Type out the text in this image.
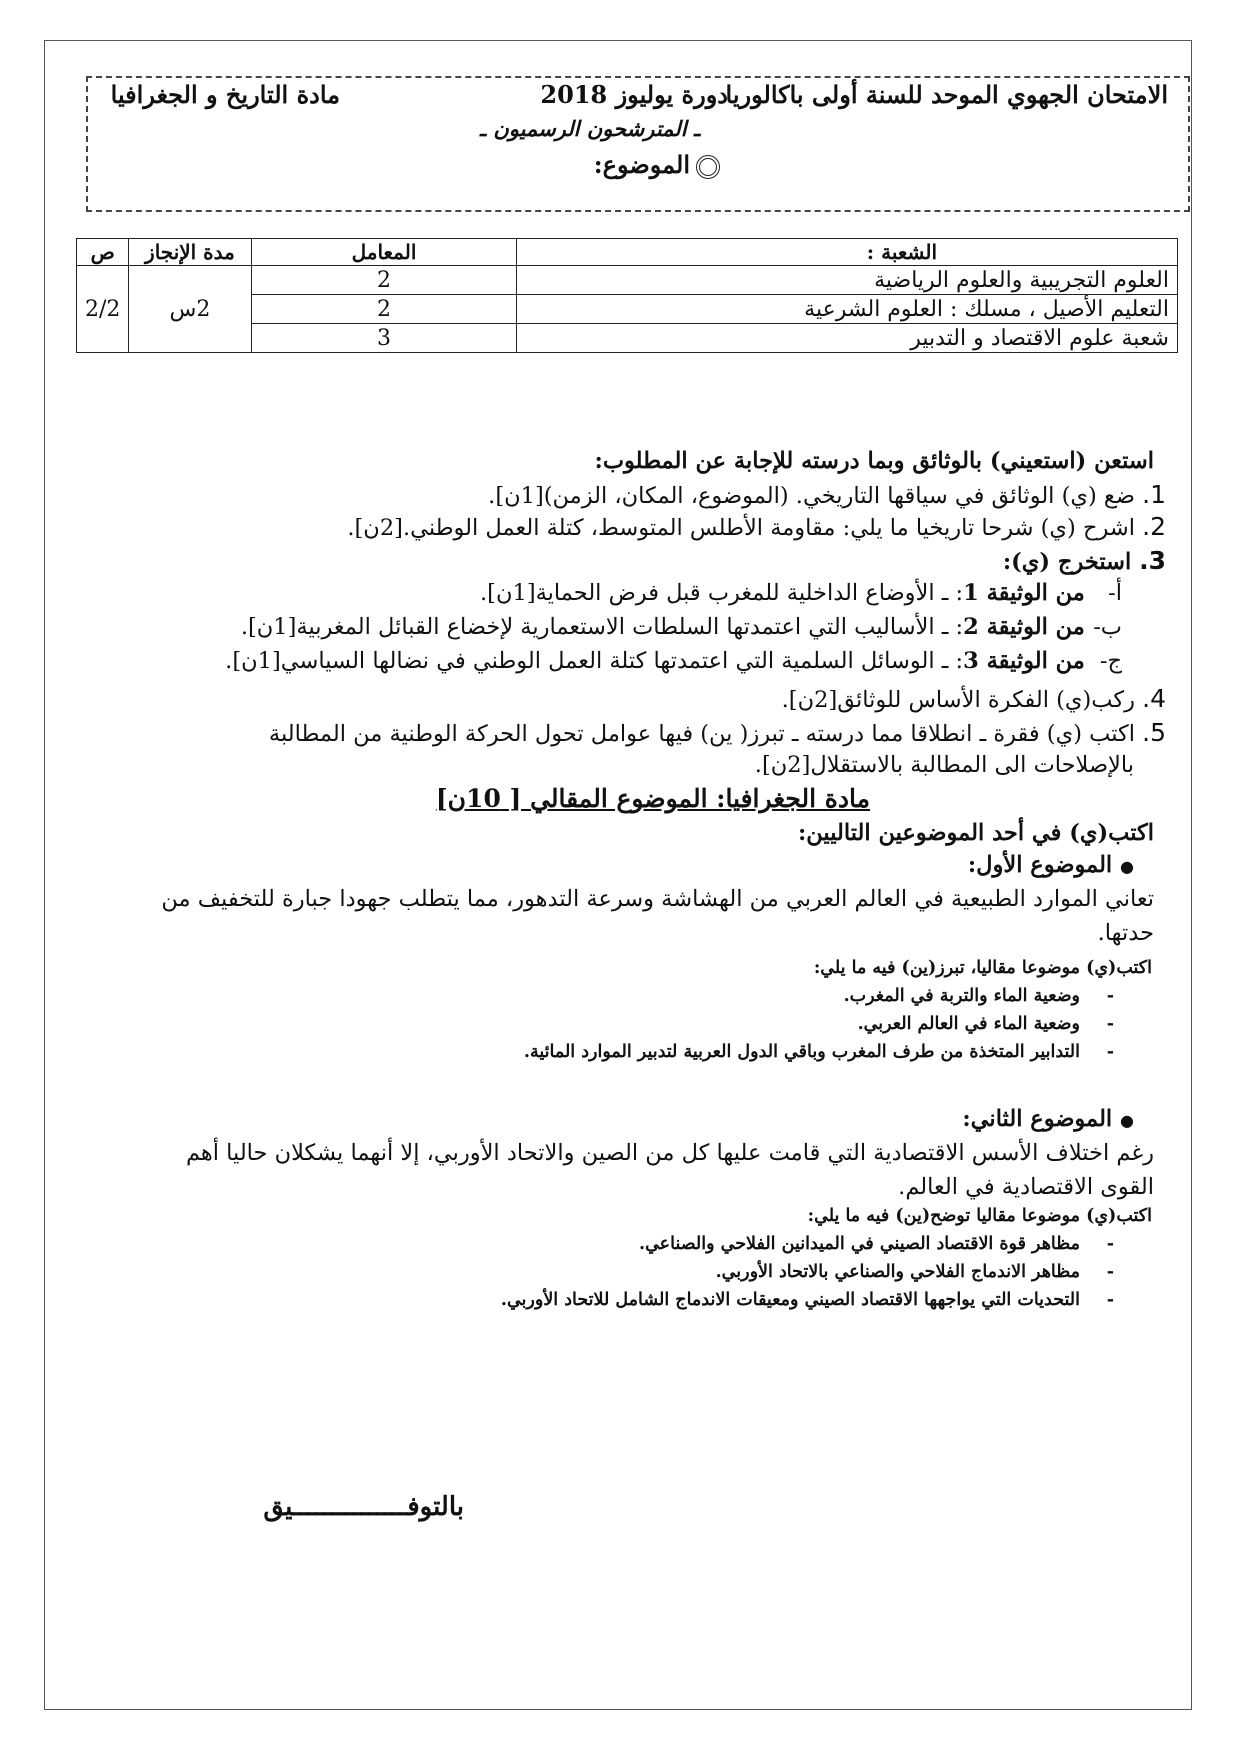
الامتحان الجهوي الموحد للسنة أولى باكالوريا
دورة يوليوز 2018
مادة التاريخ و الجغرافيا
ـ المترشحون الرسميون ـ
الموضوع:
الشعبة :	المعامل	مدة الإنجاز	ص
العلوم التجريبية والعلوم الرياضية	2	2س	2/2
التعليم الأصيل ، مسلك : العلوم الشرعية	2		
شعبة علوم الاقتصاد و التدبير	3		
استعن (استعيني) بالوثائق وبما درسته للإجابة عن المطلوب:
1. ضع (ي) الوثائق في سياقها التاريخي. (الموضوع، المكان، الزمن)[1ن].
2. اشرح (ي) شرحا تاريخيا ما يلي: مقاومة الأطلس المتوسط، كتلة العمل الوطني.[2ن].
3. استخرج (ي):
أ- من الوثيقة 1: ـ الأوضاع الداخلية للمغرب قبل فرض الحماية[1ن].
ب- من الوثيقة 2: ـ الأساليب التي اعتمدتها السلطات الاستعمارية لإخضاع القبائل المغربية[1ن].
ج- من الوثيقة 3: ـ الوسائل السلمية التي اعتمدتها كتلة العمل الوطني في نضالها السياسي[1ن].
4. ركب(ي) الفكرة الأساس للوثائق[2ن].
5. اكتب (ي) فقرة ـ انطلاقا مما درسته ـ تبرز( ين) فيها عوامل تحول الحركة الوطنية من المطالبة
بالإصلاحات الى المطالبة بالاستقلال[2ن].
مادة الجغرافيا: الموضوع المقالي [ 10ن]
اكتب(ي) في أحد الموضوعين التاليين:
● الموضوع الأول:
تعاني الموارد الطبيعية في العالم العربي من الهشاشة وسرعة التدهور، مما يتطلب جهودا جبارة للتخفيف من
حدتها.
اكتب(ي) موضوعا مقاليا، تبرز(ين) فيه ما يلي:
-وضعية الماء والتربة في المغرب.
-وضعية الماء في العالم العربي.
-التدابير المتخذة من طرف المغرب وباقي الدول العربية لتدبير الموارد المائية.
● الموضوع الثاني:
رغم اختلاف الأسس الاقتصادية التي قامت عليها كل من الصين والاتحاد الأوربي، إلا أنهما يشكلان حاليا أهم
القوى الاقتصادية في العالم.
اكتب(ي) موضوعا مقاليا توضح(ين) فيه ما يلي:
-مظاهر قوة الاقتصاد الصيني في الميدانين الفلاحي والصناعي.
-مظاهر الاندماج الفلاحي والصناعي بالاتحاد الأوربي.
-التحديات التي يواجهها الاقتصاد الصيني ومعيقات الاندماج الشامل للاتحاد الأوربي.
بالتوفـــــــــــــــيق
